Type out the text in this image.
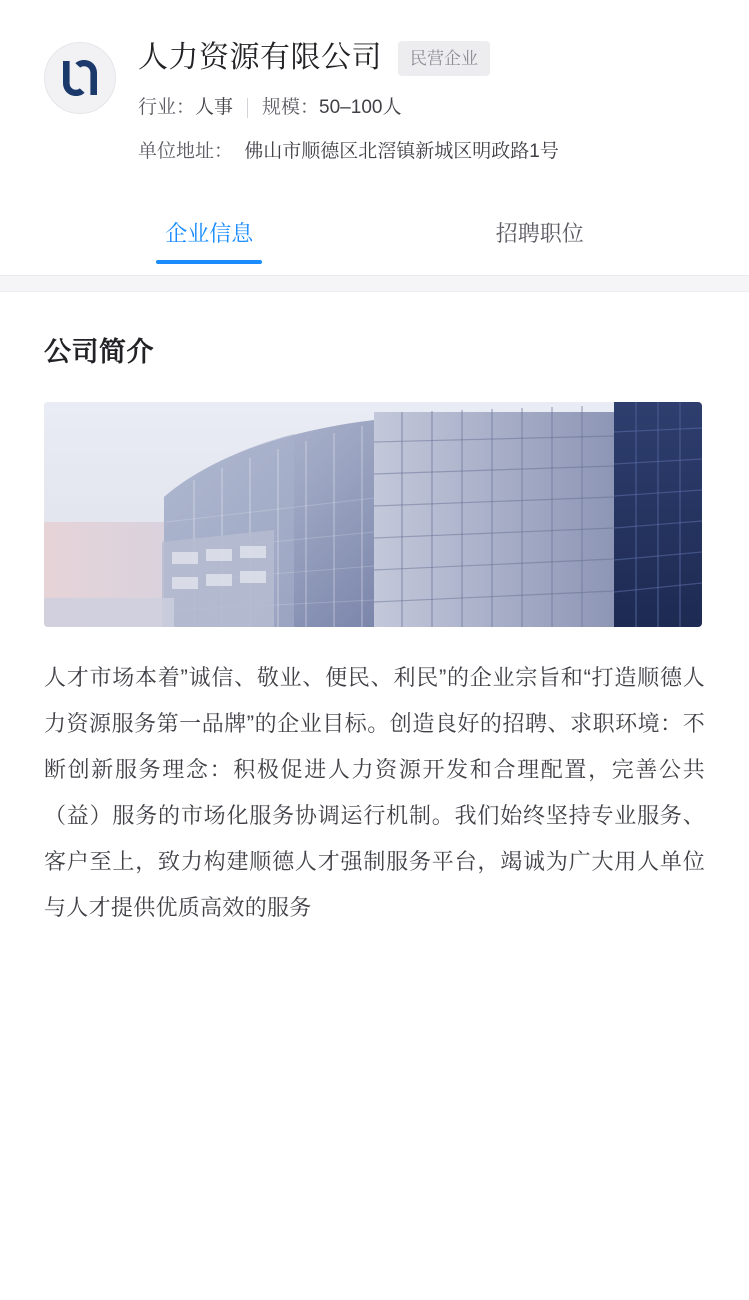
人力资源有限公司	民营企业
行业： 人事 规模： 50–100人
单位地址： 佛山市顺德区北滘镇新城区明政路1号
企业信息	招聘职位
公司简介
人才市场本着”诚信、敬业、便民、利民”的企业宗旨和“打造顺德人力资源服务第一品牌”的企业目标。创造良好的招聘、求职环境：不断创新服务理念：积极促进人力资源开发和合理配置，完善公共（益）服务的市场化服务协调运行机制。我们始终坚持专业服务、客户至上，致力构建顺德人才强制服务平台，竭诚为广大用人单位与人才提供优质高效的服务
